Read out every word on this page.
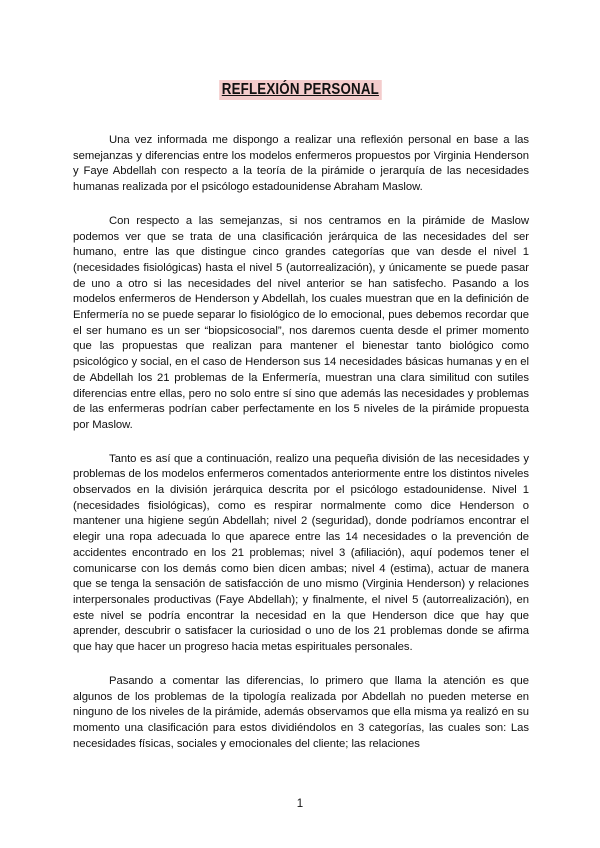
REFLEXIÓN PERSONAL

Una vez informada me dispongo a realizar una reflexión personal en base a las semejanzas y diferencias entre los modelos enfermeros propuestos por Virginia Henderson y Faye Abdellah con respecto a la teoría de la pirámide o jerarquía de las necesidades humanas realizada por el psicólogo estadounidense Abraham Maslow.

Con respecto a las semejanzas, si nos centramos en la pirámide de Maslow podemos ver que se trata de una clasificación jerárquica de las necesidades del ser humano, entre las que distingue cinco grandes categorías que van desde el nivel 1 (necesidades fisiológicas) hasta el nivel 5 (autorrealización), y únicamente se puede pasar de uno a otro si las necesidades del nivel anterior se han satisfecho. Pasando a los modelos enfermeros de Henderson y Abdellah, los cuales muestran que en la definición de Enfermería no se puede separar lo fisiológico de lo emocional, pues debemos recordar que el ser humano es un ser “biopsicosocial”, nos daremos cuenta desde el primer momento que las propuestas que realizan para mantener el bienestar tanto biológico como psicológico y social, en el caso de Henderson sus 14 necesidades básicas humanas y en el de Abdellah los 21 problemas de la Enfermería, muestran una clara similitud con sutiles diferencias entre ellas, pero no solo entre sí sino que además las necesidades y problemas de las enfermeras podrían caber perfectamente en los 5 niveles de la pirámide propuesta por Maslow.

Tanto es así que a continuación, realizo una pequeña división de las necesidades y problemas de los modelos enfermeros comentados anteriormente entre los distintos niveles observados en la división jerárquica descrita por el psicólogo estadounidense. Nivel 1 (necesidades fisiológicas), como es respirar normalmente como dice Henderson o mantener una higiene según Abdellah; nivel 2 (seguridad), donde podríamos encontrar el elegir una ropa adecuada lo que aparece entre las 14 necesidades o la prevención de accidentes encontrado en los 21 problemas; nivel 3 (afiliación), aquí podemos tener el comunicarse con los demás como bien dicen ambas; nivel 4 (estima), actuar de manera que se tenga la sensación de satisfacción de uno mismo (Virginia Henderson) y relaciones interpersonales productivas (Faye Abdellah); y finalmente, el nivel 5 (autorrealización), en este nivel se podría encontrar la necesidad en la que Henderson dice que hay que aprender, descubrir o satisfacer la curiosidad o uno de los 21 problemas donde se afirma que hay que hacer un progreso hacia metas espirituales personales.

Pasando a comentar las diferencias, lo primero que llama la atención es que algunos de los problemas de la tipología realizada por Abdellah no pueden meterse en ninguno de los niveles de la pirámide, además observamos que ella misma ya realizó en su momento una clasificación para estos dividiéndolos en 3 categorías, las cuales son: Las necesidades físicas, sociales y emocionales del cliente; las relaciones

1
